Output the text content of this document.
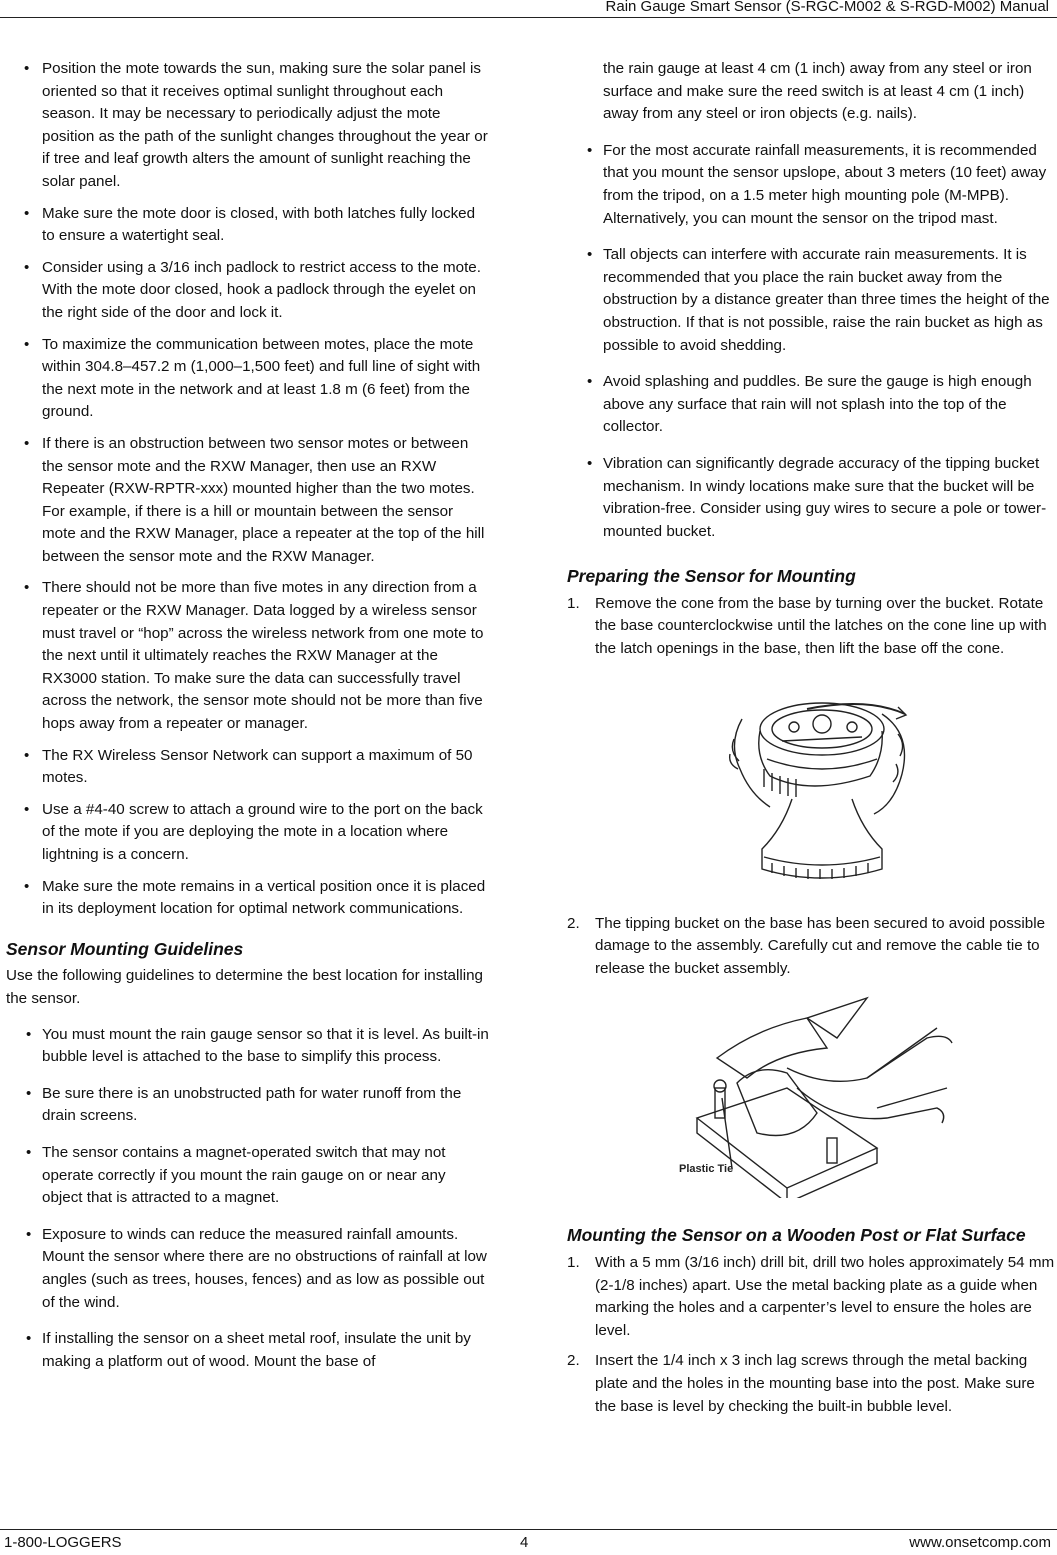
Rain Gauge Smart Sensor (S-RGC-M002 & S-RGD-M002) Manual
• Position the mote towards the sun, making sure the solar panel is oriented so that it receives optimal sunlight throughout each season. It may be necessary to periodically adjust the mote position as the path of the sunlight changes throughout the year or if tree and leaf growth alters the amount of sunlight reaching the solar panel.
• Make sure the mote door is closed, with both latches fully locked to ensure a watertight seal.
• Consider using a 3/16 inch padlock to restrict access to the mote. With the mote door closed, hook a padlock through the eyelet on the right side of the door and lock it.
• To maximize the communication between motes, place the mote within 304.8–457.2 m (1,000–1,500 feet) and full line of sight with the next mote in the network and at least 1.8 m (6 feet) from the ground.
• If there is an obstruction between two sensor motes or between the sensor mote and the RXW Manager, then use an RXW Repeater (RXW-RPTR-xxx) mounted higher than the two motes. For example, if there is a hill or mountain between the sensor mote and the RXW Manager, place a repeater at the top of the hill between the sensor mote and the RXW Manager.
• There should not be more than five motes in any direction from a repeater or the RXW Manager. Data logged by a wireless sensor must travel or “hop” across the wireless network from one mote to the next until it ultimately reaches the RXW Manager at the RX3000 station. To make sure the data can successfully travel across the network, the sensor mote should not be more than five hops away from a repeater or manager.
• The RX Wireless Sensor Network can support a maximum of 50 motes.
• Use a #4-40 screw to attach a ground wire to the port on the back of the mote if you are deploying the mote in a location where lightning is a concern.
• Make sure the mote remains in a vertical position once it is placed in its deployment location for optimal network communications.
Sensor Mounting Guidelines

Use the following guidelines to determine the best location for installing the sensor.

• You must mount the rain gauge sensor so that it is level. As built-in bubble level is attached to the base to simplify this process.
• Be sure there is an unobstructed path for water runoff from the drain screens.
• The sensor contains a magnet-operated switch that may not operate correctly if you mount the rain gauge on or near any object that is attracted to a magnet.
• Exposure to winds can reduce the measured rainfall amounts. Mount the sensor where there are no obstructions of rainfall at low angles (such as trees, houses, fences) and as low as possible out of the wind.
• If installing the sensor on a sheet metal roof, insulate the unit by making a platform out of wood. Mount the base of

the rain gauge at least 4 cm (1 inch) away from any steel or iron surface and make sure the reed switch is at least 4 cm (1 inch) away from any steel or iron objects (e.g. nails).

• For the most accurate rainfall measurements, it is recommended that you mount the sensor upslope, about 3 meters (10 feet) away from the tripod, on a 1.5 meter high mounting pole (M-MPB). Alternatively, you can mount the sensor on the tripod mast.
• Tall objects can interfere with accurate rain measurements. It is recommended that you place the rain bucket away from the obstruction by a distance greater than three times the height of the obstruction. If that is not possible, raise the rain bucket as high as possible to avoid shedding.
• Avoid splashing and puddles. Be sure the gauge is high enough above any surface that rain will not splash into the top of the collector.
• Vibration can significantly degrade accuracy of the tipping bucket mechanism. In windy locations make sure that the bucket will be vibration-free. Consider using guy wires to secure a pole or tower-mounted bucket.
Preparing the Sensor for Mounting
1. Remove the cone from the base by turning over the bucket. Rotate the base counterclockwise until the latches on the cone line up with the latch openings in the base, then lift the base off the cone.
2. The tipping bucket on the base has been secured to avoid possible damage to the assembly. Carefully cut and remove the cable tie to release the bucket assembly.
Plastic Tie
Mounting the Sensor on a Wooden Post or Flat Surface
1. With a 5 mm (3/16 inch) drill bit, drill two holes approximately 54 mm (2-1/8 inches) apart. Use the metal backing plate as a guide when marking the holes and a carpenter’s level to ensure the holes are level.
2. Insert the 1/4 inch x 3 inch lag screws through the metal backing plate and the holes in the mounting base into the post. Make sure the base is level by checking the built-in bubble level.
1-800-LOGGERS	4	www.onsetcomp.com
